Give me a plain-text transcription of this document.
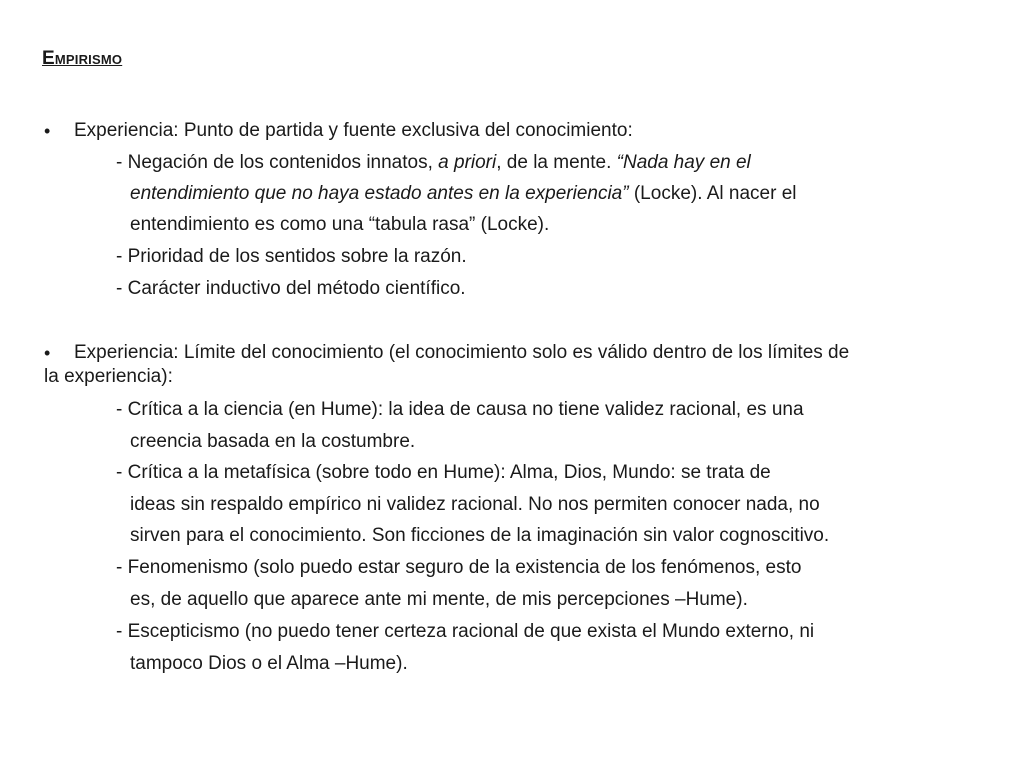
Empirismo
• Experiencia: Punto de partida y fuente exclusiva del conocimiento:
- Negación de los contenidos innatos, a priori, de la mente. “Nada hay en el
entendimiento que no haya estado antes en la experiencia” (Locke). Al nacer el
entendimiento es como una “tabula rasa” (Locke).
- Prioridad de los sentidos sobre la razón.
- Carácter inductivo del método científico.
• Experiencia: Límite del conocimiento (el conocimiento solo es válido dentro de los límites de
la experiencia):
- Crítica a la ciencia (en Hume): la idea de causa no tiene validez racional, es una
creencia basada en la costumbre.
- Crítica a la metafísica (sobre todo en Hume): Alma, Dios, Mundo: se trata de
ideas sin respaldo empírico ni validez racional. No nos permiten conocer nada, no
sirven para el conocimiento. Son ficciones de la imaginación sin valor cognoscitivo.
- Fenomenismo (solo puedo estar seguro de la existencia de los fenómenos, esto
es, de aquello que aparece ante mi mente, de mis percepciones –Hume).
- Escepticismo (no puedo tener certeza racional de que exista el Mundo externo, ni
tampoco Dios o el Alma –Hume).
